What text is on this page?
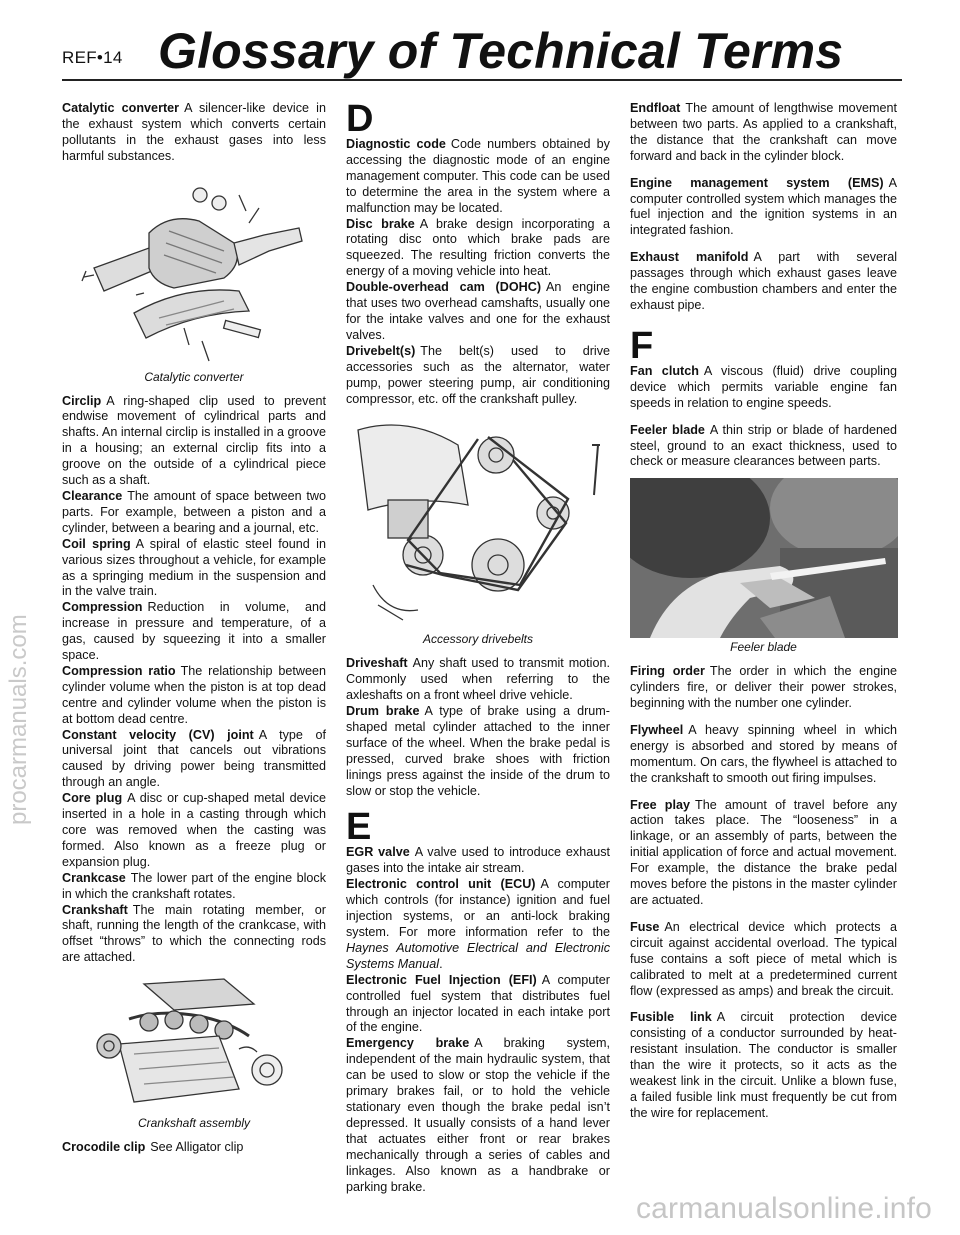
procarmanuals.com
carmanualsonline.info
REF•14 Glossary of Technical Terms
Catalytic converter A silencer-like device in the exhaust system which converts certain pollutants in the exhaust gases into less harmful substances.
Catalytic converter
Circlip A ring-shaped clip used to prevent endwise movement of cylindrical parts and shafts. An internal circlip is installed in a groove in a housing; an external circlip fits into a groove on the outside of a cylindrical piece such as a shaft.
Clearance The amount of space between two parts. For example, between a piston and a cylinder, between a bearing and a journal, etc.
Coil spring A spiral of elastic steel found in various sizes throughout a vehicle, for example as a springing medium in the suspension and in the valve train.
Compression Reduction in volume, and increase in pressure and temperature, of a gas, caused by squeezing it into a smaller space.
Compression ratio The relationship between cylinder volume when the piston is at top dead centre and cylinder volume when the piston is at bottom dead centre.
Constant velocity (CV) joint A type of universal joint that cancels out vibrations caused by driving power being transmitted through an angle.
Core plug A disc or cup-shaped metal device inserted in a hole in a casting through which core was removed when the casting was formed. Also known as a freeze plug or expansion plug.
Crankcase The lower part of the engine block in which the crankshaft rotates.
Crankshaft The main rotating member, or shaft, running the length of the crankcase, with offset “throws” to which the connecting rods are attached.
Crankshaft assembly
Crocodile clip See Alligator clip
D
Diagnostic code Code numbers obtained by accessing the diagnostic mode of an engine management computer. This code can be used to determine the area in the system where a malfunction may be located.
Disc brake A brake design incorporating a rotating disc onto which brake pads are squeezed. The resulting friction converts the energy of a moving vehicle into heat.
Double-overhead cam (DOHC) An engine that uses two overhead camshafts, usually one for the intake valves and one for the exhaust valves.
Drivebelt(s) The belt(s) used to drive accessories such as the alternator, water pump, power steering pump, air conditioning compressor, etc. off the crankshaft pulley.
Accessory drivebelts
Driveshaft Any shaft used to transmit motion. Commonly used when referring to the axleshafts on a front wheel drive vehicle.
Drum brake A type of brake using a drum-shaped metal cylinder attached to the inner surface of the wheel. When the brake pedal is pressed, curved brake shoes with friction linings press against the inside of the drum to slow or stop the vehicle.
E
EGR valve A valve used to introduce exhaust gases into the intake air stream.
Electronic control unit (ECU) A computer which controls (for instance) ignition and fuel injection systems, or an anti-lock braking system. For more information refer to the Haynes Automotive Electrical and Electronic Systems Manual.
Electronic Fuel Injection (EFI) A computer controlled fuel system that distributes fuel through an injector located in each intake port of the engine.
Emergency brake A braking system, independent of the main hydraulic system, that can be used to slow or stop the vehicle if the primary brakes fail, or to hold the vehicle stationary even though the brake pedal isn’t depressed. It usually consists of a hand lever that actuates either front or rear brakes mechanically through a series of cables and linkages. Also known as a handbrake or parking brake.
Endfloat The amount of lengthwise movement between two parts. As applied to a crankshaft, the distance that the crankshaft can move forward and back in the cylinder block.
Engine management system (EMS) A computer controlled system which manages the fuel injection and the ignition systems in an integrated fashion.
Exhaust manifold A part with several passages through which exhaust gases leave the engine combustion chambers and enter the exhaust pipe.
F
Fan clutch A viscous (fluid) drive coupling device which permits variable engine fan speeds in relation to engine speeds.
Feeler blade A thin strip or blade of hardened steel, ground to an exact thickness, used to check or measure clearances between parts.
Feeler blade
Firing order The order in which the engine cylinders fire, or deliver their power strokes, beginning with the number one cylinder.
Flywheel A heavy spinning wheel in which energy is absorbed and stored by means of momentum. On cars, the flywheel is attached to the crankshaft to smooth out firing impulses.
Free play The amount of travel before any action takes place. The “looseness” in a linkage, or an assembly of parts, between the initial application of force and actual movement. For example, the distance the brake pedal moves before the pistons in the master cylinder are actuated.
Fuse An electrical device which protects a circuit against accidental overload. The typical fuse contains a soft piece of metal which is calibrated to melt at a predetermined current flow (expressed as amps) and break the circuit.
Fusible link A circuit protection device consisting of a conductor surrounded by heat-resistant insulation. The conductor is smaller than the wire it protects, so it acts as the weakest link in the circuit. Unlike a blown fuse, a failed fusible link must frequently be cut from the wire for replacement.
